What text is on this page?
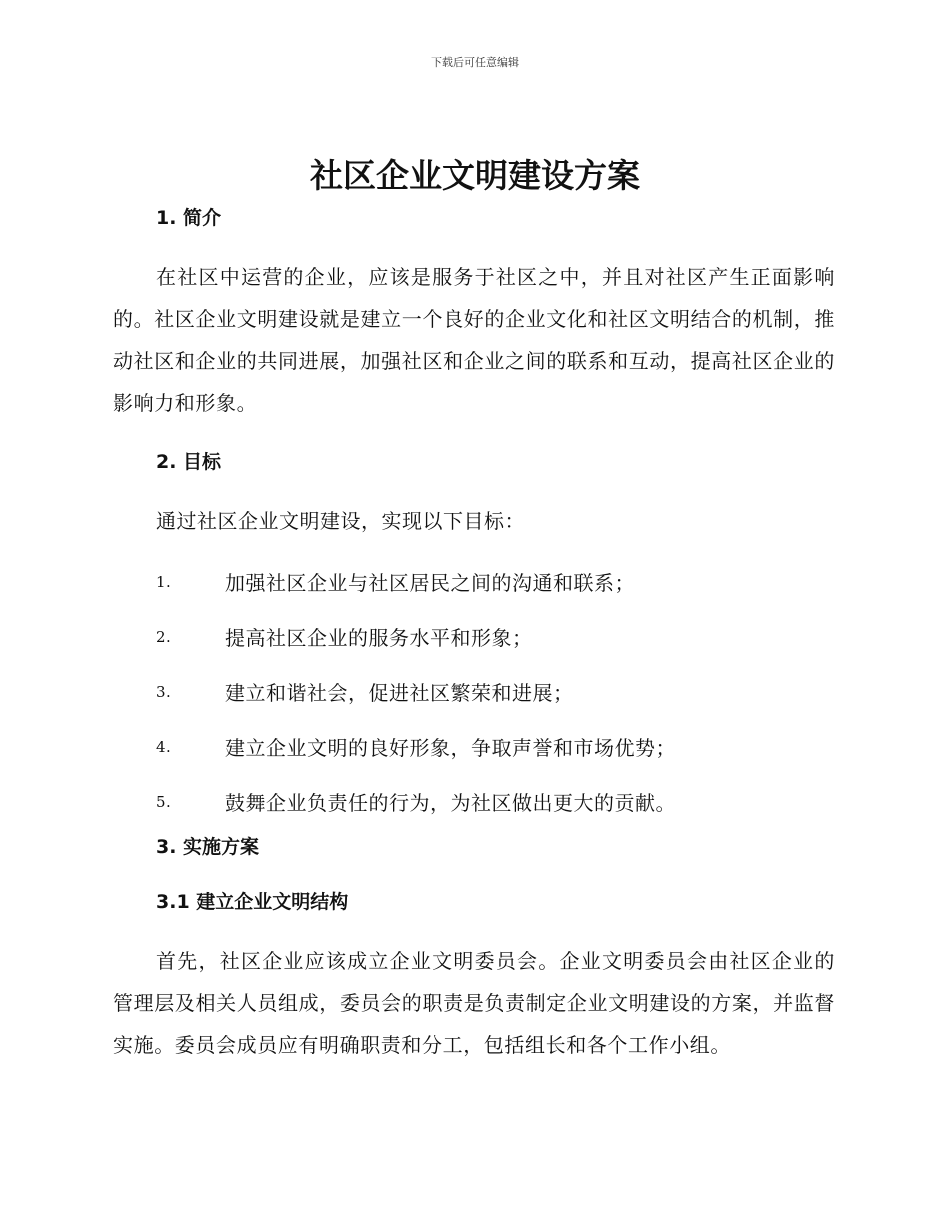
下载后可任意编辑
社区企业文明建设方案
1. 简介
在社区中运营的企业，应该是服务于社区之中，并且对社区产生正面影响的。社区企业文明建设就是建立一个良好的企业文化和社区文明结合的机制，推动社区和企业的共同进展，加强社区和企业之间的联系和互动，提高社区企业的影响力和形象。
2. 目标
通过社区企业文明建设，实现以下目标：
1.	加强社区企业与社区居民之间的沟通和联系；
2.	提高社区企业的服务水平和形象；
3.	建立和谐社会，促进社区繁荣和进展；
4.	建立企业文明的良好形象，争取声誉和市场优势；
5.	鼓舞企业负责任的行为，为社区做出更大的贡献。
3. 实施方案
3.1 建立企业文明结构
首先，社区企业应该成立企业文明委员会。企业文明委员会由社区企业的管理层及相关人员组成，委员会的职责是负责制定企业文明建设的方案，并监督实施。委员会成员应有明确职责和分工，包括组长和各个工作小组。
